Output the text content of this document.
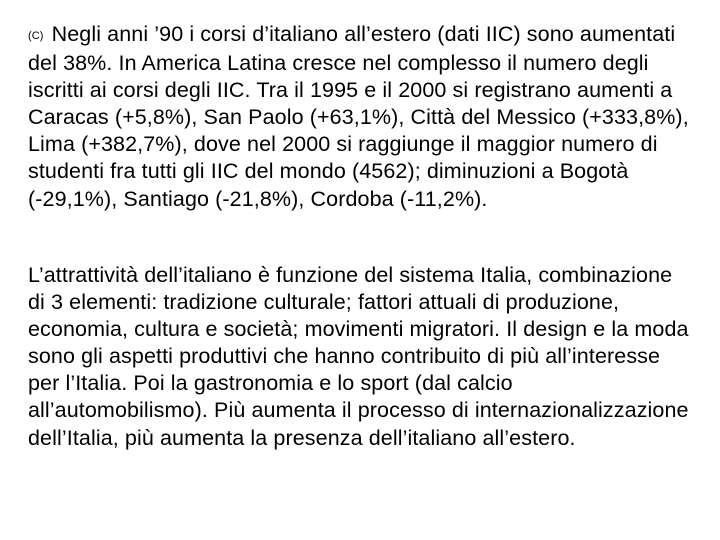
(C) Negli anni ’90 i corsi d’italiano all’estero (dati IIC) sono aumentati del 38%. In America Latina cresce nel complesso il numero degli iscritti ai corsi degli IIC. Tra il 1995 e il 2000 si registrano aumenti a Caracas (+5,8%), San Paolo (+63,1%), Città del Messico (+333,8%), Lima (+382,7%), dove nel 2000 si raggiunge il maggior numero di studenti fra tutti gli IIC del mondo (4562); diminuzioni a Bogotà (-29,1%), Santiago (-21,8%), Cordoba (-11,2%).

L’attrattività dell’italiano è funzione del sistema Italia, combinazione di 3 elementi: tradizione culturale; fattori attuali di produzione, economia, cultura e società; movimenti migratori. Il design e la moda sono gli aspetti produttivi che hanno contribuito di più all’interesse per l’Italia. Poi la gastronomia e lo sport (dal calcio all’automobilismo). Più aumenta il processo di internazionalizzazione dell’Italia, più aumenta la presenza dell’italiano all’estero.
